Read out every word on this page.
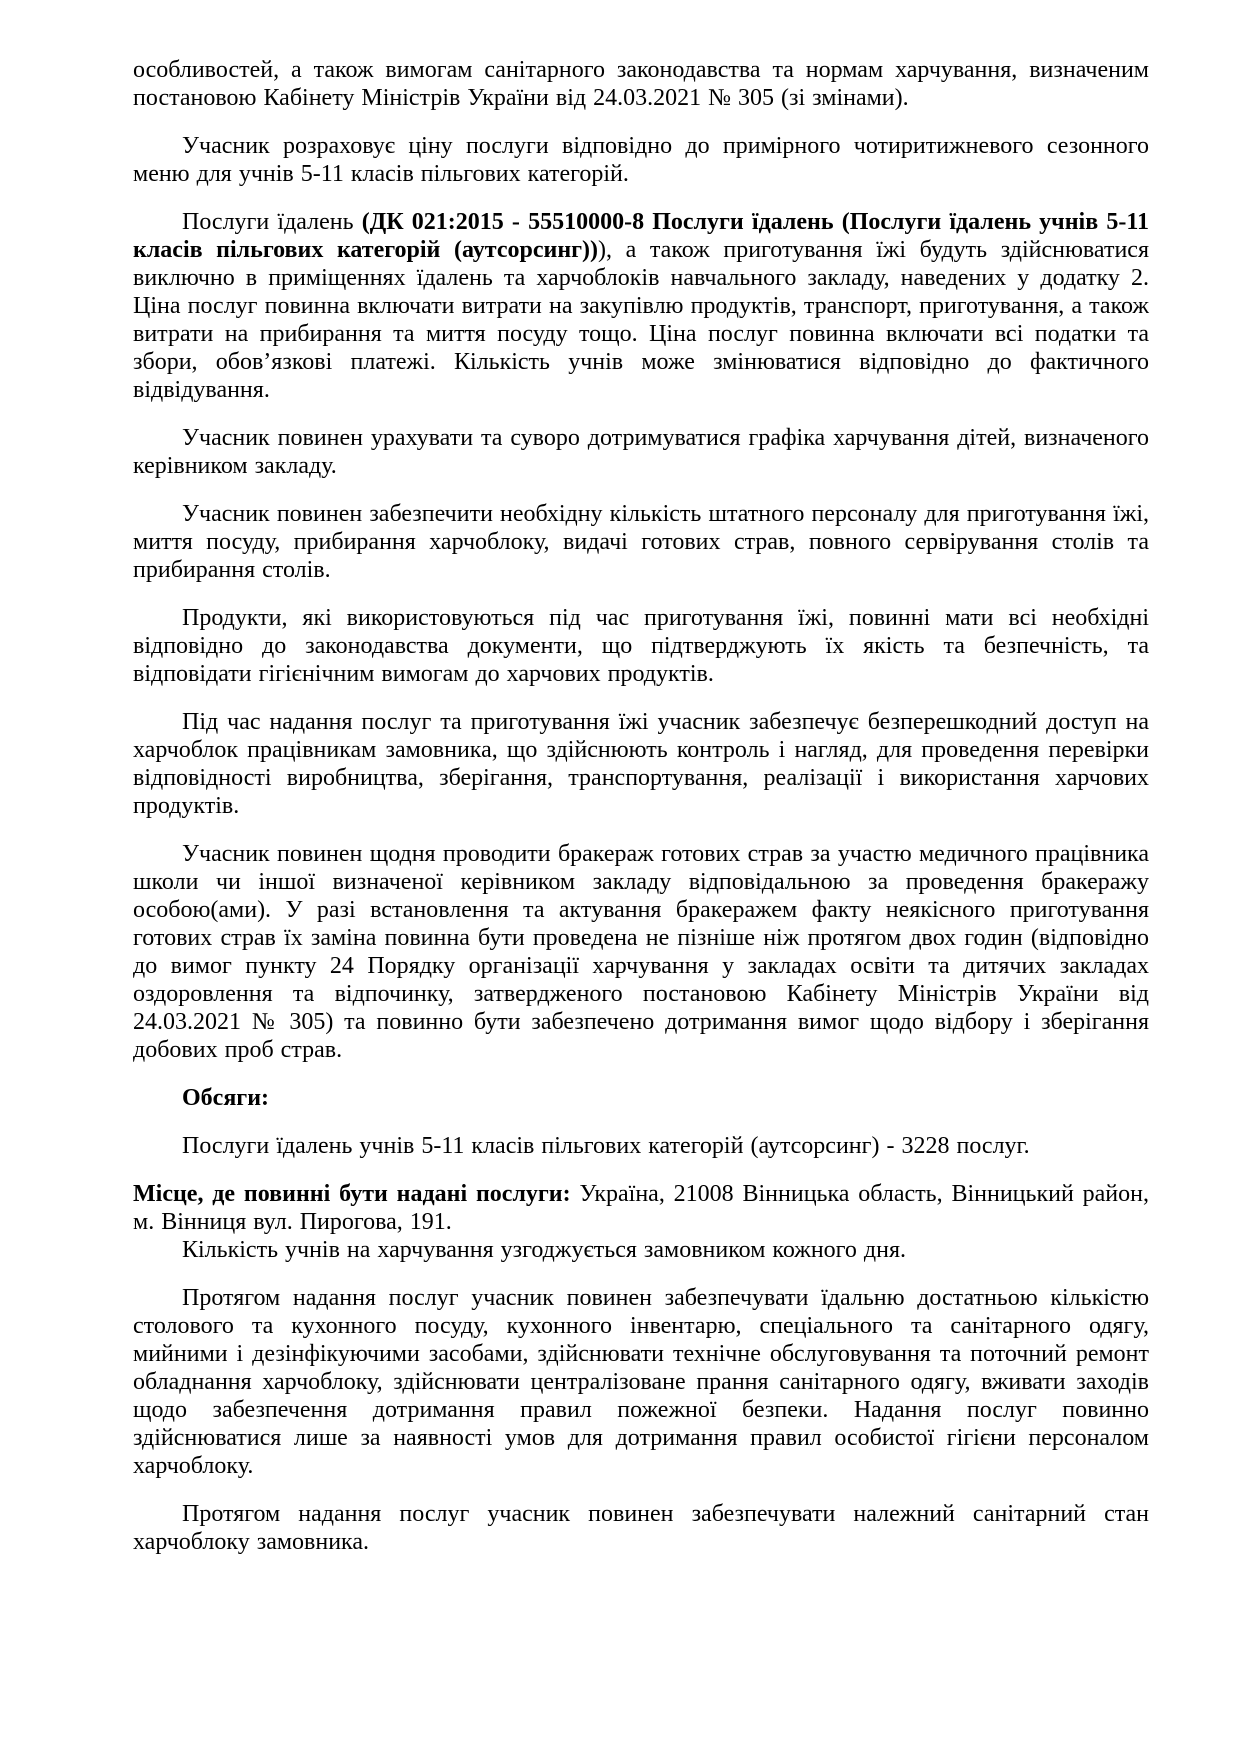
особливостей, а також вимогам санітарного законодавства та нормам харчування, визначеним постановою Кабінету Міністрів України від 24.03.2021 № 305 (зі змінами).

Учасник розраховує ціну послуги відповідно до примірного чотиритижневого сезонного меню для учнів 5-11 класів пільгових категорій.

Послуги їдалень (ДК 021:2015 - 55510000-8 Послуги їдалень (Послуги їдалень учнів 5-11 класів пільгових категорій (аутсорсинг))), а також приготування їжі будуть здійснюватися виключно в приміщеннях їдалень та харчоблоків навчального закладу, наведених у додатку 2. Ціна послуг повинна включати витрати на закупівлю продуктів, транспорт, приготування, а також витрати на прибирання та миття посуду тощо. Ціна послуг повинна включати всі податки та збори, обов’язкові платежі. Кількість учнів може змінюватися відповідно до фактичного відвідування.

Учасник повинен урахувати та суворо дотримуватися графіка харчування дітей, визначеного керівником закладу.

Учасник повинен забезпечити необхідну кількість штатного персоналу для приготування їжі, миття посуду, прибирання харчоблоку, видачі готових страв, повного сервірування столів та прибирання столів.

Продукти, які використовуються під час приготування їжі, повинні мати всі необхідні відповідно до законодавства документи, що підтверджують їх якість та безпечність, та відповідати гігієнічним вимогам до харчових продуктів.

Під час надання послуг та приготування їжі учасник забезпечує безперешкодний доступ на харчоблок працівникам замовника, що здійснюють контроль і нагляд, для проведення перевірки відповідності виробництва, зберігання, транспортування, реалізації і використання харчових продуктів.

Учасник повинен щодня проводити бракераж готових страв за участю медичного працівника школи чи іншої визначеної керівником закладу відповідальною за проведення бракеражу особою(ами). У разі встановлення та актування бракеражем факту неякісного приготування готових страв їх заміна повинна бути проведена не пізніше ніж протягом двох годин (відповідно до вимог пункту 24 Порядку організації харчування у закладах освіти та дитячих закладах оздоровлення та відпочинку, затвердженого постановою Кабінету Міністрів України від 24.03.2021 № 305) та повинно бути забезпечено дотримання вимог щодо відбору і зберігання добових проб страв.

Обсяги:

Послуги їдалень учнів 5-11 класів пільгових категорій (аутсорсинг) - 3228 послуг.

Місце, де повинні бути надані послуги: Україна, 21008 Вінницька область, Вінницький район, м. Вінниця вул. Пирогова, 191.

Кількість учнів на харчування узгоджується замовником кожного дня.

Протягом надання послуг учасник повинен забезпечувати їдальню достатньою кількістю столового та кухонного посуду, кухонного інвентарю, спеціального та санітарного одягу, мийними і дезінфікуючими засобами, здійснювати технічне обслуговування та поточний ремонт обладнання харчоблоку, здійснювати централізоване прання санітарного одягу, вживати заходів щодо забезпечення дотримання правил пожежної безпеки. Надання послуг повинно здійснюватися лише за наявності умов для дотримання правил особистої гігієни персоналом харчоблоку.

Протягом надання послуг учасник повинен забезпечувати належний санітарний стан харчоблоку замовника.
